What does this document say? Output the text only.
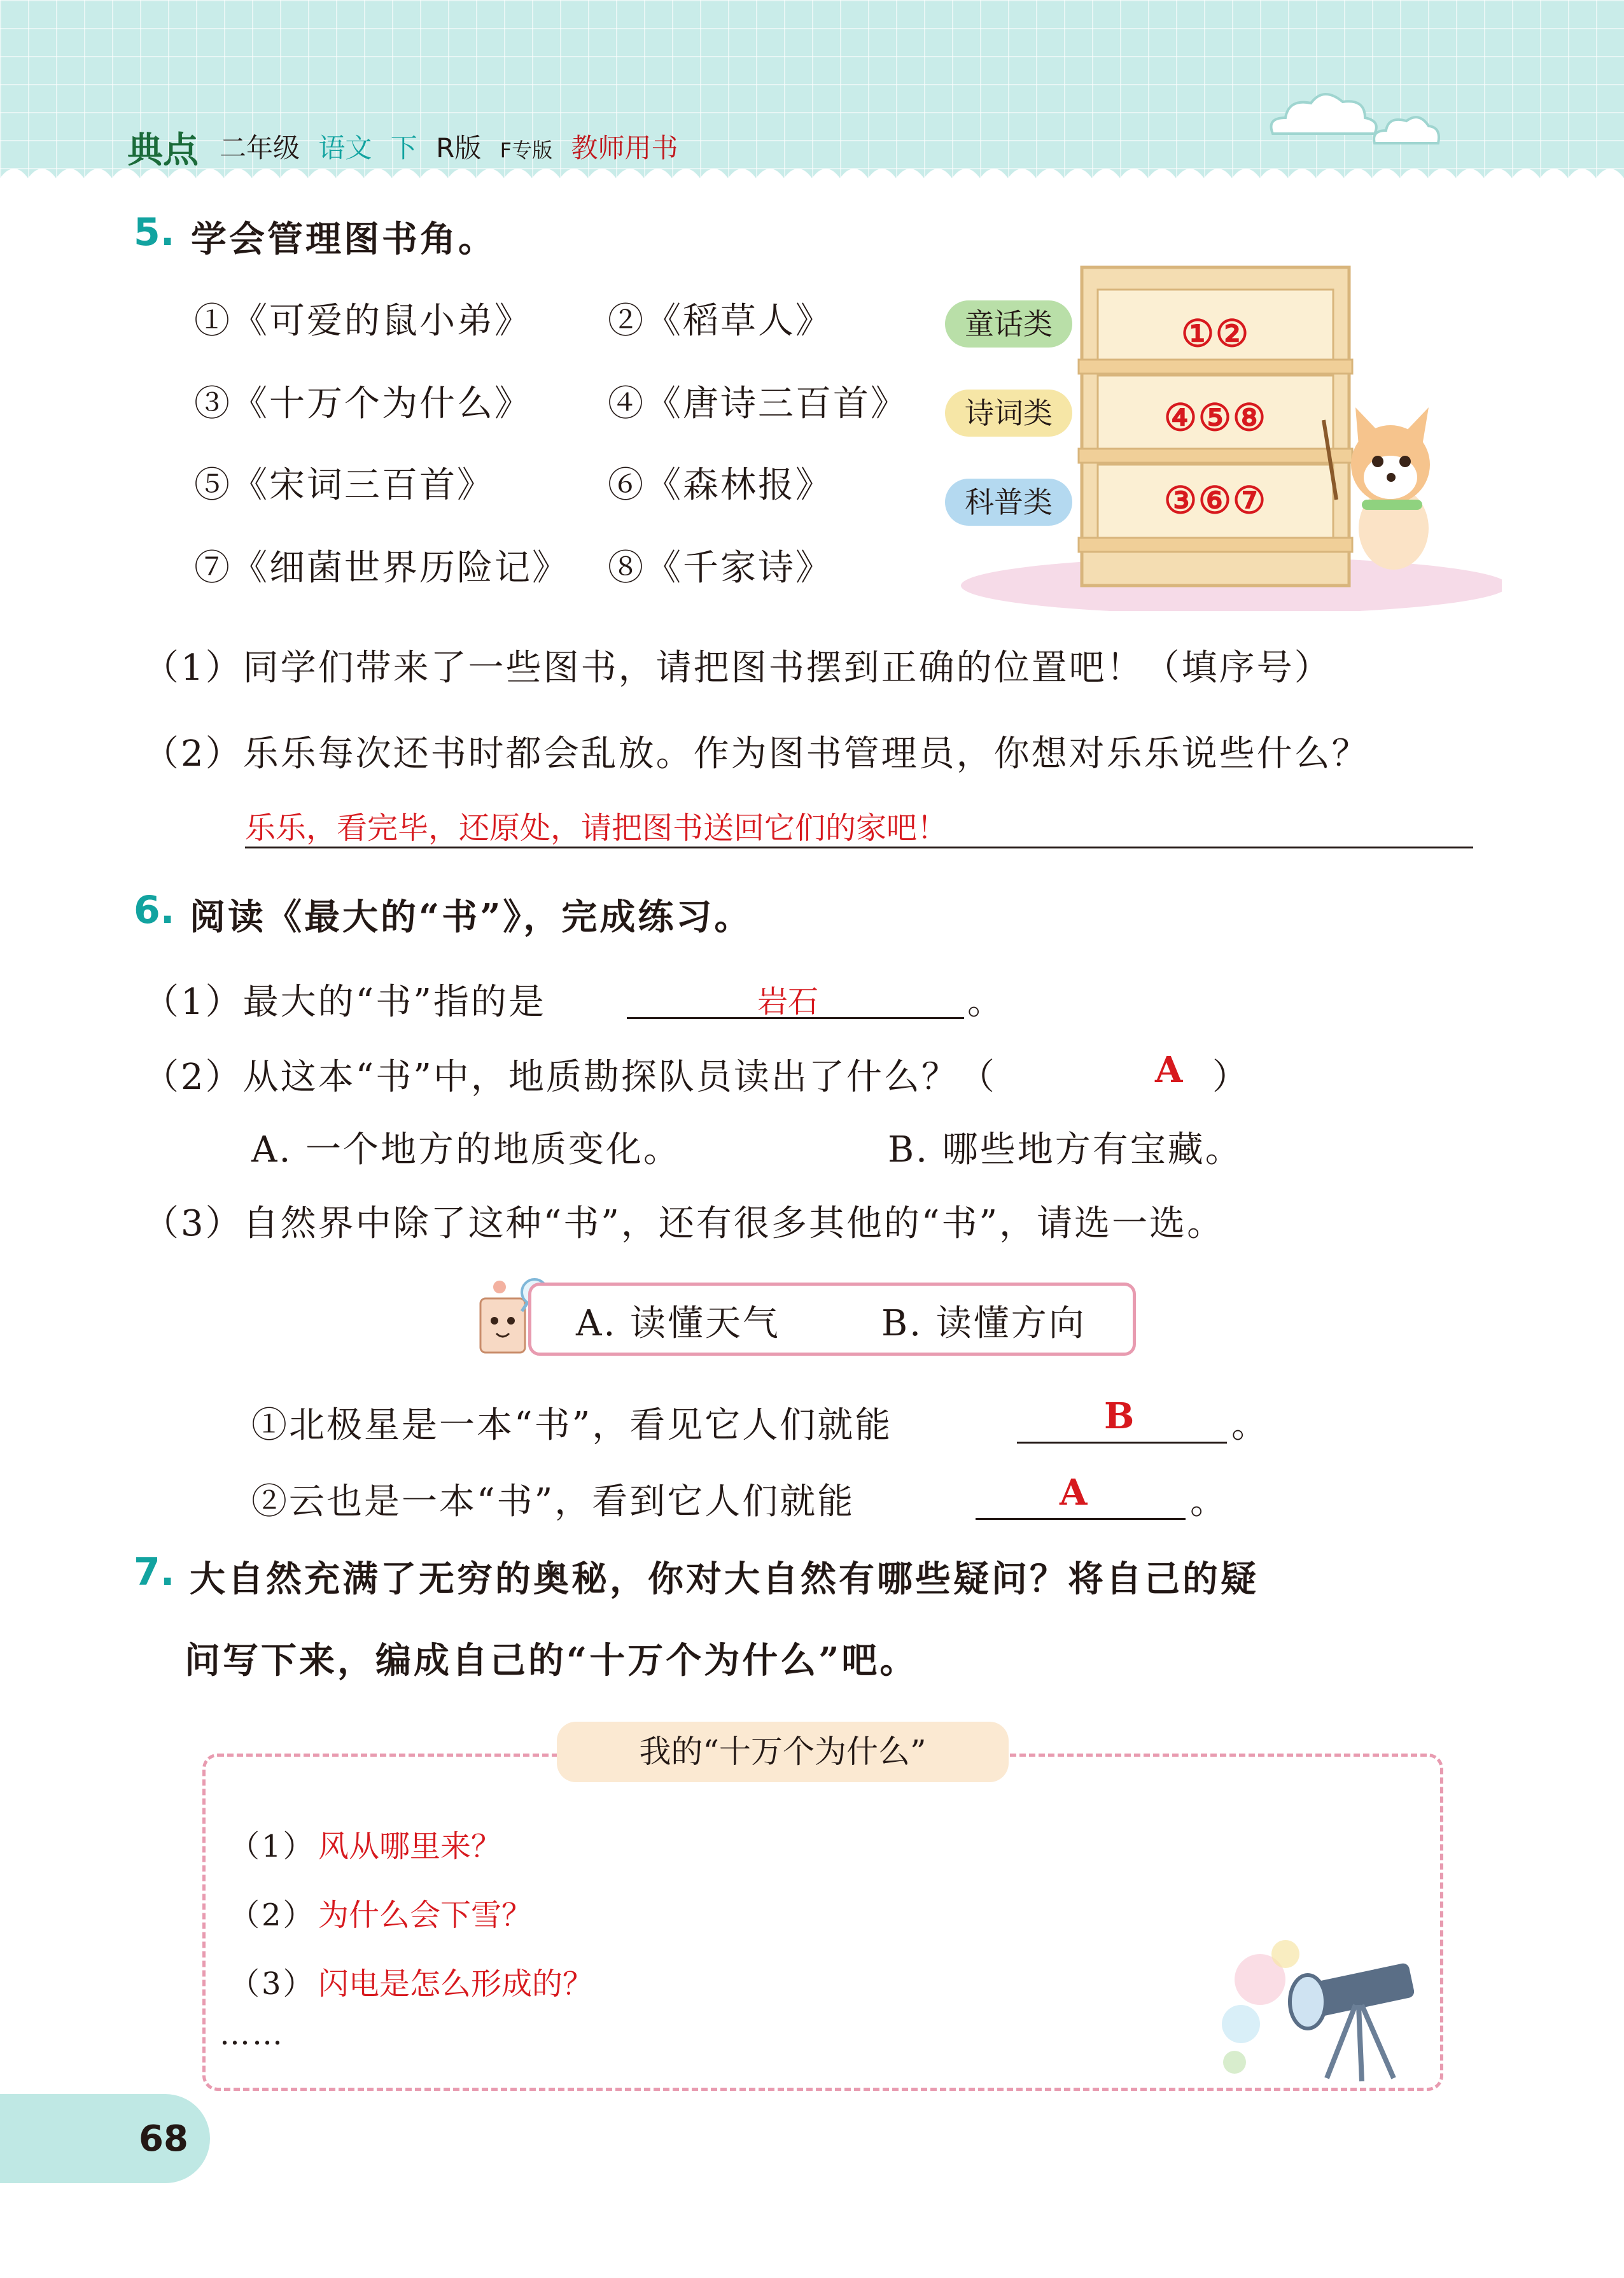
典点 二年级 语文 下 R版 F专版 教师用书
5. 学会管理图书角。
①《可爱的鼠小弟》 ②《稻草人》
③《十万个为什么》 ④《唐诗三百首》
⑤《宋词三百首》	⑥《森林报》
⑦《细菌世界历险记》 ⑧《千家诗》
童话类
诗词类
科普类
①②
④⑤⑧
③⑥⑦
（1）同学们带来了一些图书，请把图书摆到正确的位置吧！（填序号）
（2）乐乐每次还书时都会乱放。作为图书管理员，你想对乐乐说些什么？
乐乐，看完毕，还原处，请把图书送回它们的家吧！
6. 阅读《最大的“书”》，完成练习。
（1）最大的“书”指的是	岩石	。
（2）从这本“书”中，地质勘探队员读出了什么？（	A ）
A. 一个地方的地质变化。	B. 哪些地方有宝藏。
（3）自然界中除了这种“书”，还有很多其他的“书”，请选一选。
A. 读懂天气	B. 读懂方向
①北极星是一本“书”，看见它人们就能	B	。
②云也是一本“书”，看到它人们就能	A	。
7. 大自然充满了无穷的奥秘，你对大自然有哪些疑问？将自己的疑
问写下来，编成自己的“十万个为什么”吧。
我的“十万个为什么”
（1） 风从哪里来？
（2） 为什么会下雪？
（3） 闪电是怎么形成的？
……
68
